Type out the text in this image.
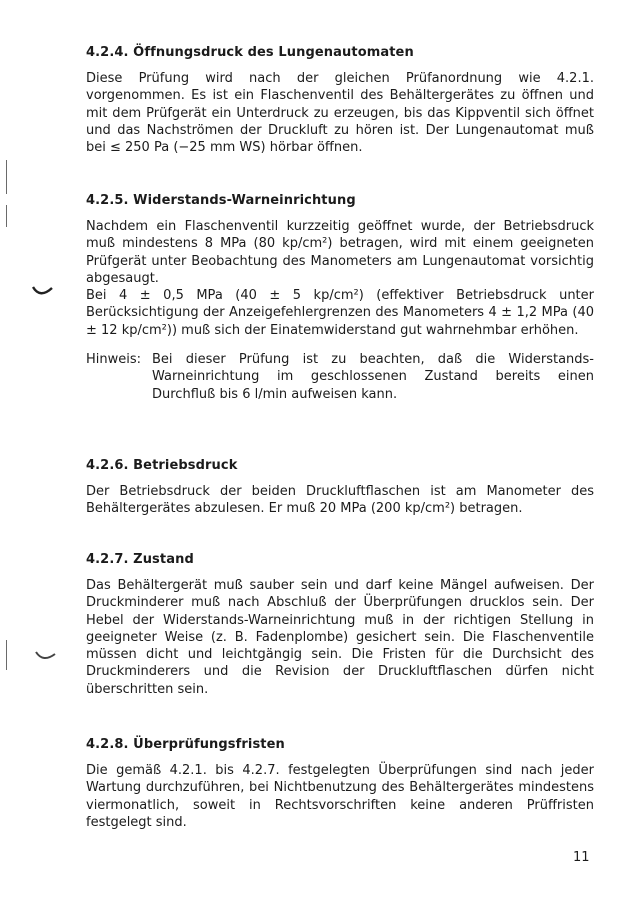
4.2.4. Öffnungsdruck des Lungenautomaten

Diese Prüfung wird nach der gleichen Prüfanordnung wie 4.2.1. vorgenommen. Es ist ein Flaschenventil des Behältergerätes zu öffnen und mit dem Prüfgerät ein Unterdruck zu erzeugen, bis das Kippventil sich öffnet und das Nachströmen der Druckluft zu hören ist. Der Lungenautomat muß bei ≤ 250 Pa (−25 mm WS) hörbar öffnen.

4.2.5. Widerstands-Warneinrichtung

Nachdem ein Flaschenventil kurzzeitig geöffnet wurde, der Betriebsdruck muß mindestens 8 MPa (80 kp/cm²) betragen, wird mit einem geeigneten Prüfgerät unter Beobachtung des Manometers am Lungenautomat vorsichtig abgesaugt.

Bei 4 ± 0,5 MPa (40 ± 5 kp/cm²) (effektiver Betriebsdruck unter Berücksichtigung der Anzeigefehlergrenzen des Manometers 4 ± 1,2 MPa (40 ± 12 kp/cm²)) muß sich der Einatemwiderstand gut wahrnehmbar erhöhen.

Hinweis: Bei dieser Prüfung ist zu beachten, daß die Widerstands-Warneinrichtung im geschlossenen Zustand bereits einen Durchfluß bis 6 l/min aufweisen kann.
4.2.6. Betriebsdruck

Der Betriebsdruck der beiden Druckluftflaschen ist am Manometer des Behältergerätes abzulesen. Er muß 20 MPa (200 kp/cm²) betragen.

4.2.7. Zustand

Das Behältergerät muß sauber sein und darf keine Mängel aufweisen. Der Druckminderer muß nach Abschluß der Überprüfungen drucklos sein. Der Hebel der Widerstands-Warneinrichtung muß in der richtigen Stellung in geeigneter Weise (z. B. Fadenplombe) gesichert sein. Die Flaschenventile müssen dicht und leichtgängig sein. Die Fristen für die Durchsicht des Druckminderers und die Revision der Druckluftflaschen dürfen nicht überschritten sein.

4.2.8. Überprüfungsfristen

Die gemäß 4.2.1. bis 4.2.7. festgelegten Überprüfungen sind nach jeder Wartung durchzuführen, bei Nichtbenutzung des Behältergerätes mindestens viermonatlich, soweit in Rechtsvorschriften keine anderen Prüffristen festgelegt sind.

11
